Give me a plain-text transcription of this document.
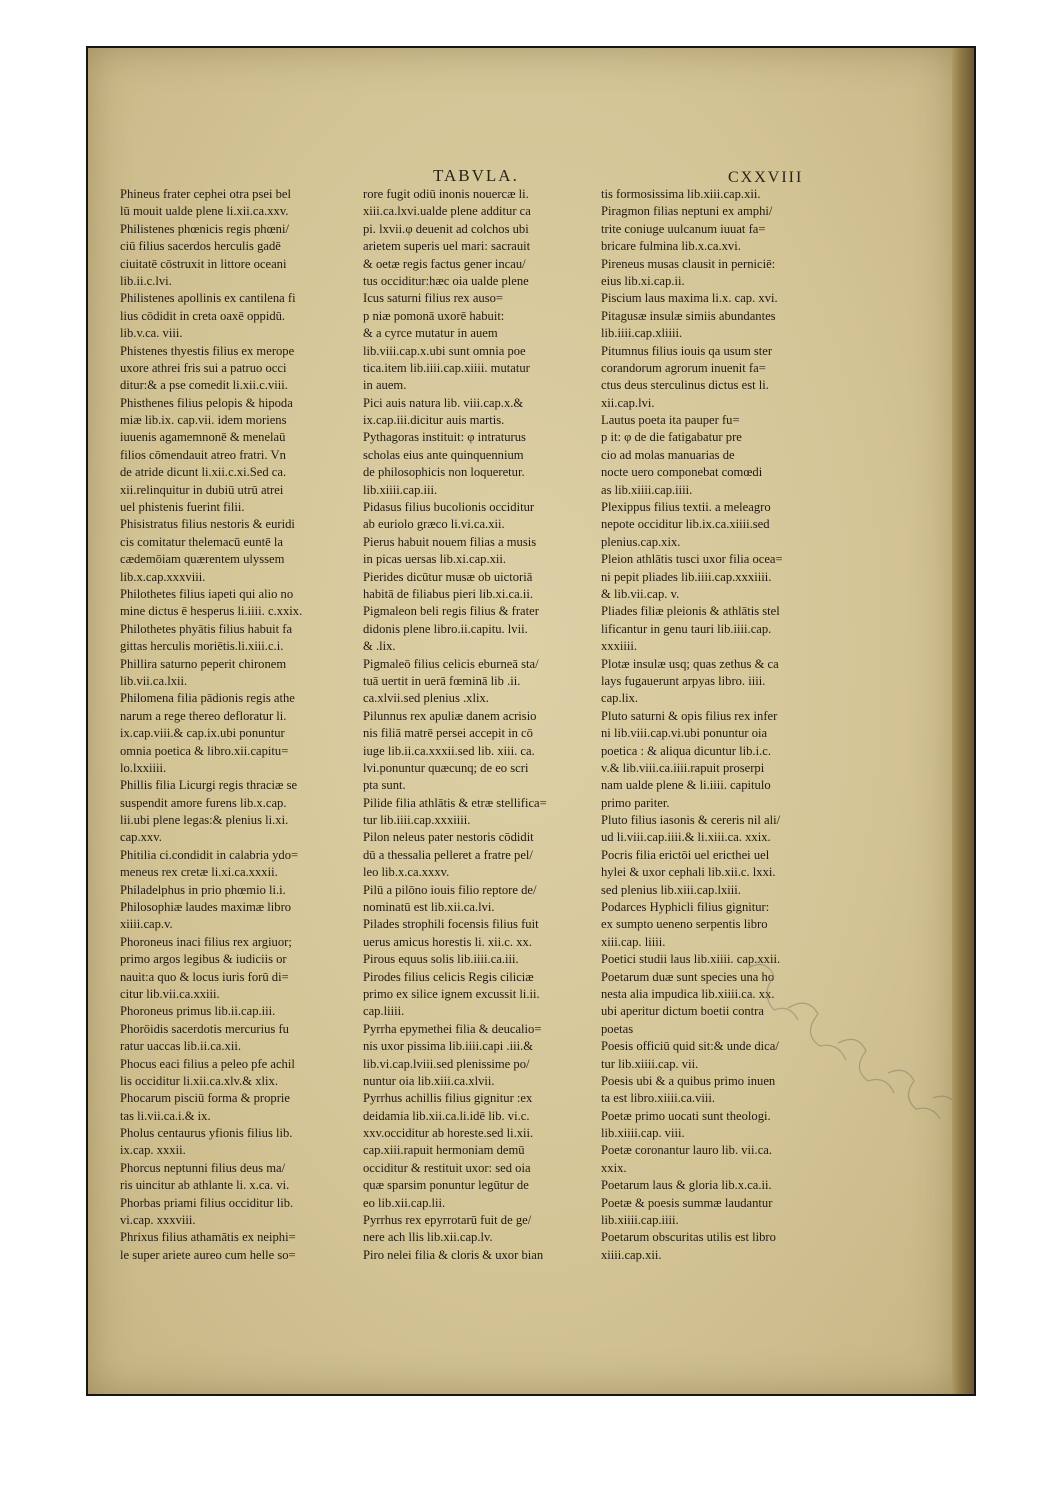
TABVLA.	CXXVIII
Phineus frater cephei otra psei bel
lū mouit ualde plene li.xii.ca.xxv.
Philistenes phœnicis regis phœni/
ciū filius sacerdos herculis gadē
ciuitatē cōstruxit in littore oceani
lib.ii.c.lvi.
Philistenes apollinis ex cantilena fi
lius cōdidit in creta oaxē oppidū.
lib.v.ca. viii.
Phistenes thyestis filius ex merope
uxore athrei fris sui a patruo occi
ditur:& a pse comedit li.xii.c.viii.
Phisthenes filius pelopis & hipoda
miæ lib.ix. cap.vii. idem moriens
iuuenis agamemnonē & menelaū
filios cōmendauit atreo fratri. Vn
de atride dicunt li.xii.c.xi.Sed ca.
xii.relinquitur in dubiū utrū atrei
uel phistenis fuerint filii.
Phisistratus filius nestoris & euridi
cis comitatur thelemacū euntē la
cædemōiam quærentem ulyssem
lib.x.cap.xxxviii.
Philothetes filius iapeti qui alio no
mine dictus ē hesperus li.iiii. c.xxix.
Philothetes phyātis filius habuit fa
gittas herculis moriētis.li.xiii.c.i.
Phillira saturno peperit chironem
lib.vii.ca.lxii.
Philomena filia pādionis regis athe
narum a rege thereo defloratur li.
ix.cap.viii.& cap.ix.ubi ponuntur
omnia poetica & libro.xii.capitu=
lo.lxxiiii.
Phillis filia Licurgi regis thraciæ se
suspendit amore furens lib.x.cap.
lii.ubi plene legas:& plenius li.xi.
cap.xxv.
Phitilia ci.condidit in calabria ydo=
meneus rex cretæ li.xi.ca.xxxii.
Philadelphus in prio phœmio li.i.
Philosophiæ laudes maximæ libro
xiiii.cap.v.
Phoroneus inaci filius rex argiuor;
primo argos legibus & iudiciis or
nauit:a quo & locus iuris forū di=
citur lib.vii.ca.xxiii.
Phoroneus primus lib.ii.cap.iii.
Phorōidis sacerdotis mercurius fu
ratur uaccas lib.ii.ca.xii.
Phocus eaci filius a peleo pfe achil
lis occiditur li.xii.ca.xlv.& xlix.
Phocarum pisciū forma & proprie
tas li.vii.ca.i.& ix.
Pholus centaurus yfionis filius lib.
ix.cap. xxxii.
Phorcus neptunni filius deus ma/
ris uincitur ab athlante li. x.ca. vi.
Phorbas priami filius occiditur lib.
vi.cap. xxxviii.
Phrixus filius athamātis ex neiphi=
le super ariete aureo cum helle so=
rore fugit odiū inonis nouercæ li.
xiii.ca.lxvi.ualde plene additur ca
pi. lxvii.φ deuenit ad colchos ubi
arietem superis uel mari: sacrauit
& oetæ regis factus gener incau/
tus occiditur:hæc oia ualde plene
Icus saturni filius rex auso=
p niæ pomonā uxorē habuit:
& a cyrce mutatur in auem
lib.viii.cap.x.ubi sunt omnia poe
tica.item lib.iiii.cap.xiiii. mutatur
in auem.
Pici auis natura lib. viii.cap.x.&
ix.cap.iii.dicitur auis martis.
Pythagoras instituit: φ intraturus
scholas eius ante quinquennium
de philosophicis non loqueretur.
lib.xiiii.cap.iii.
Pidasus filius bucolionis occiditur
ab euriolo græco li.vi.ca.xii.
Pierus habuit nouem filias a musis
in picas uersas lib.xi.cap.xii.
Pierides dicūtur musæ ob uictoriā
habitā de filiabus pieri lib.xi.ca.ii.
Pigmaleon beli regis filius & frater
didonis plene libro.ii.capitu. lvii.
& .lix.
Pigmaleō filius celicis eburneā sta/
tuā uertit in uerā fœminā lib .ii.
ca.xlvii.sed plenius .xlix.
Pilunnus rex apuliæ danem acrisio
nis filiā matrē persei accepit in cō
iuge lib.ii.ca.xxxii.sed lib. xiii. ca.
lvi.ponuntur quæcunq; de eo scri
pta sunt.
Pilide filia athlātis & etræ stellifica=
tur lib.iiii.cap.xxxiiii.
Pilon neleus pater nestoris cōdidit
dū a thessalia pelleret a fratre pel/
leo lib.x.ca.xxxv.
Pilū a pilōno iouis filio reptore de/
nominatū est lib.xii.ca.lvi.
Pilades strophili focensis filius fuit
uerus amicus horestis li. xii.c. xx.
Pirous equus solis lib.iiii.ca.iii.
Pirodes filius celicis Regis ciliciæ
primo ex silice ignem excussit li.ii.
cap.liiii.
Pyrrha epymethei filia & deucalio=
nis uxor pissima lib.iiii.capi .iii.&
lib.vi.cap.lviii.sed plenissime po/
nuntur oia lib.xiii.ca.xlvii.
Pyrrhus achillis filius gignitur :ex
deidamia lib.xii.ca.li.idē lib. vi.c.
xxv.occiditur ab horeste.sed li.xii.
cap.xiii.rapuit hermoniam demū
occiditur & restituit uxor: sed oia
quæ sparsim ponuntur legūtur de
eo lib.xii.cap.lii.
Pyrrhus rex epyrrotarū fuit de ge/
nere ach llis lib.xii.cap.lv.
Piro nelei filia & cloris & uxor bian
tis formosissima lib.xiii.cap.xii.
Piragmon filias neptuni ex amphi/
trite coniuge uulcanum iuuat fa=
bricare fulmina lib.x.ca.xvi.
Pireneus musas clausit in perniciē:
eius lib.xi.cap.ii.
Piscium laus maxima li.x. cap. xvi.
Pitagusæ insulæ simiis abundantes
lib.iiii.cap.xliiii.
Pitumnus filius iouis qa usum ster
corandorum agrorum inuenit fa=
ctus deus sterculinus dictus est li.
xii.cap.lvi.
Lautus poeta ita pauper fu=
p it: φ de die fatigabatur pre
cio ad molas manuarias de
nocte uero componebat comœdi
as lib.xiiii.cap.iiii.
Plexippus filius textii. a meleagro
nepote occiditur lib.ix.ca.xiiii.sed
plenius.cap.xix.
Pleion athlātis tusci uxor filia ocea=
ni pepit pliades lib.iiii.cap.xxxiiii.
& lib.vii.cap. v.
Pliades filiæ pleionis & athlātis stel
lificantur in genu tauri lib.iiii.cap.
xxxiiii.
Plotæ insulæ usq; quas zethus & ca
lays fugauerunt arpyas libro. iiii.
cap.lix.
Pluto saturni & opis filius rex infer
ni lib.viii.cap.vi.ubi ponuntur oia
poetica : & aliqua dicuntur lib.i.c.
v.& lib.viii.ca.iiii.rapuit proserpi
nam ualde plene & li.iiii. capitulo
primo pariter.
Pluto filius iasonis & cereris nil ali/
ud li.viii.cap.iiii.& li.xiii.ca. xxix.
Pocris filia erictōi uel ericthei uel
hylei & uxor cephali lib.xii.c. lxxi.
sed plenius lib.xiii.cap.lxiii.
Podarces Hyphicli filius gignitur:
ex sumpto ueneno serpentis libro
xiii.cap. liiii.
Poetici studii laus lib.xiiii. cap.xxii.
Poetarum duæ sunt species una ho
nesta alia impudica lib.xiiii.ca. xx.
ubi aperitur dictum boetii contra
poetas
Poesis officiū quid sit:& unde dica/
tur lib.xiiii.cap. vii.
Poesis ubi & a quibus primo inuen
ta est libro.xiiii.ca.viii.
Poetæ primo uocati sunt theologi.
lib.xiiii.cap. viii.
Poetæ coronantur lauro lib. vii.ca.
xxix.
Poetarum laus & gloria lib.x.ca.ii.
Poetæ & poesis summæ laudantur
lib.xiiii.cap.iiii.
Poetarum obscuritas utilis est libro
xiiii.cap.xii.
